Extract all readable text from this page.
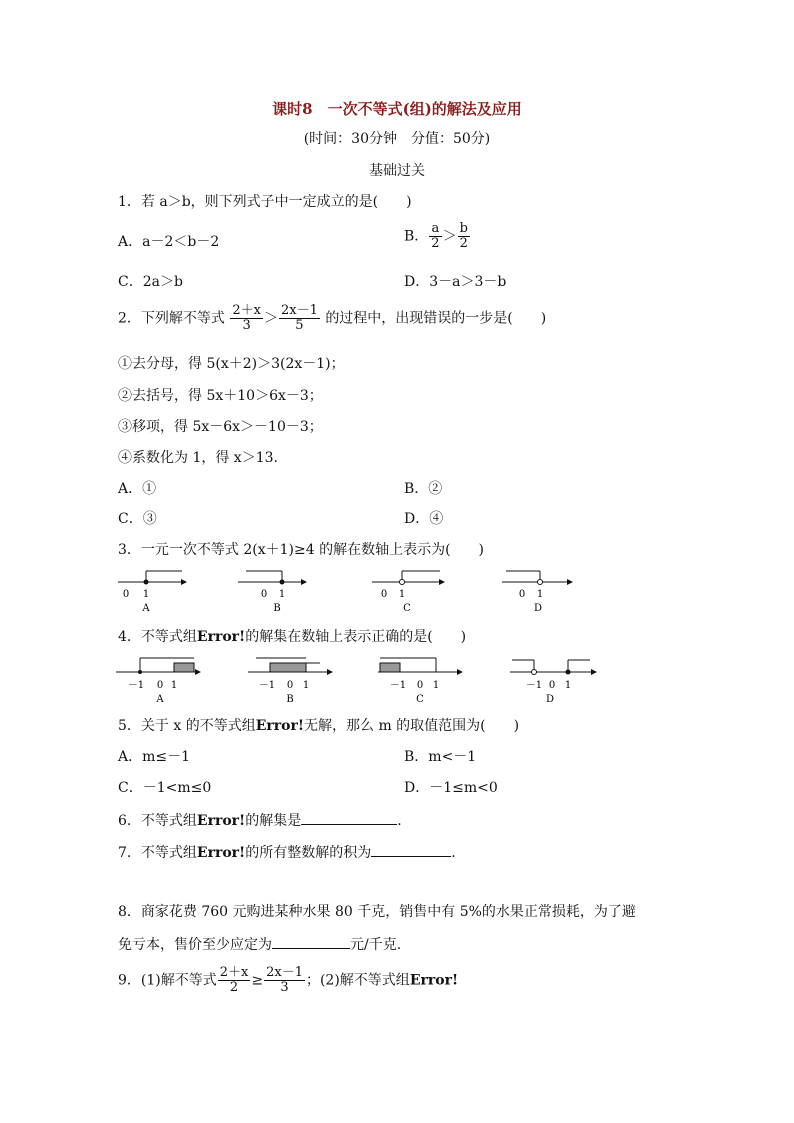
课时8　一次不等式(组)的解法及应用
(时间：30分钟　分值：50分)
基础过关
1．若 a＞b，则下列式子中一定成立的是(　　)
A．a－2＜b－2	B． $\frac{a}{2} > \frac{b}{2}$
C．2a＞b	D．3－a＞3－b
2．下列解不等式 $\frac{2+x}{3} > \frac{2x-1}{5}$ 的过程中，出现错误的一步是(　　)
①去分母，得 5(x＋2)＞3(2x－1)；
②去括号，得 5x＋10＞6x－3；
③移项，得 5x－6x＞－10－3；
④系数化为 1，得 x＞13.
A．①	B．②
C．③	D．④
3．一元一次不等式 2(x＋1)≥4 的解在数轴上表示为(　　)
0 1
A
0 1
B
0 1
C
0 1
D
4．不等式组Error!的解集在数轴上表示正确的是(　　)
－1 0 1
A
－1 0 1
B
－1 0 1
C
－1 0 1
D
5．关于 x 的不等式组Error!无解，那么 m 的取值范围为(　　)
A．m≤－1	B．m<－1
C．－1<m≤0	D．－1≤m<0
6．不等式组Error!的解集是	.
7．不等式组Error!的所有整数解的积为	.
8．商家花费 760 元购进某种水果 80 千克，销售中有 5%的水果正常损耗，为了避
免亏本，售价至少应定为	元/千克.
9．(1)解不等式 $\frac{2+x}{2} \ge \frac{2x-1}{3}$ ；(2)解不等式组Error!
